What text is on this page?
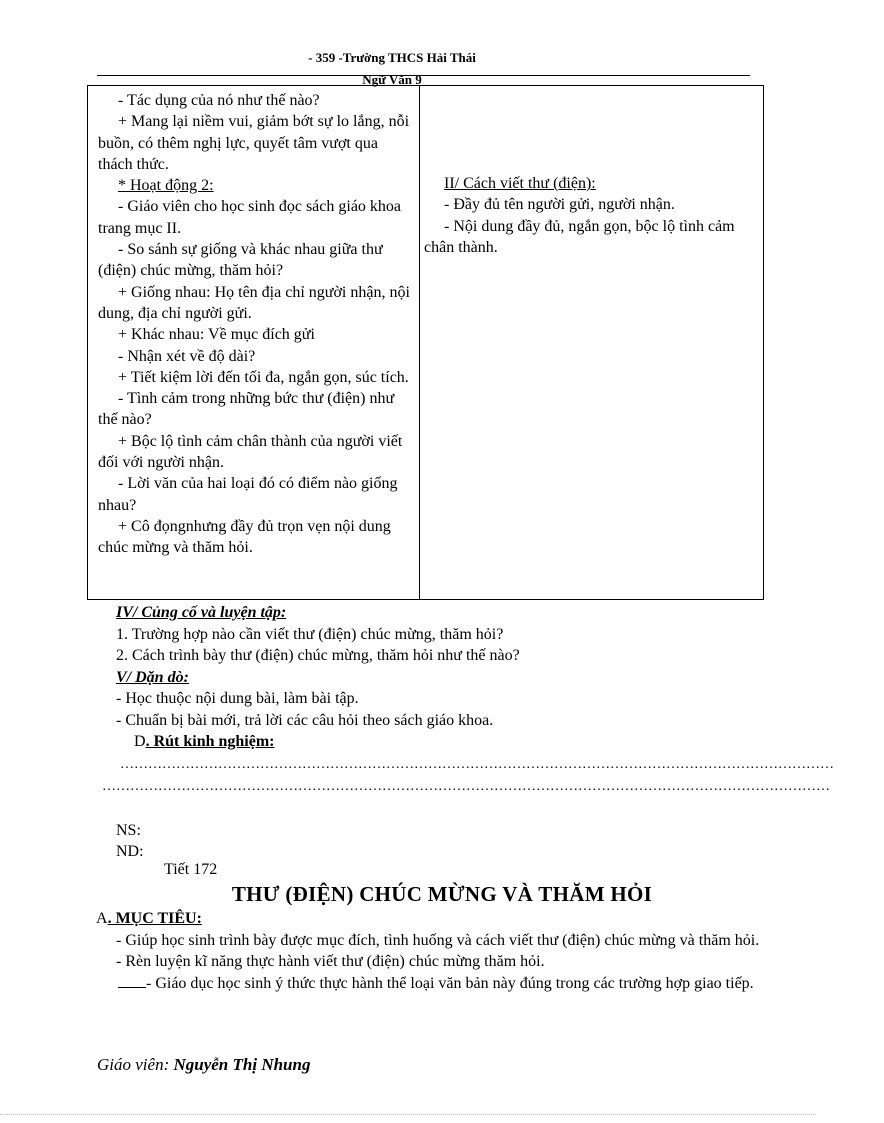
- 359 -Trường THCS Hải Thái
Ngữ Văn 9

- Tác dụng của nó như thế nào?

+ Mang lại niềm vui, giảm bớt sự lo lắng, nỗi buồn, có thêm nghị lực, quyết tâm vượt qua thách thức.

* Hoạt động 2:

- Giáo viên cho học sinh đọc sách giáo khoa trang mục II.

- So sánh sự giống và khác nhau giữa thư (điện) chúc mừng, thăm hỏi?

+ Giống nhau: Họ tên địa chỉ người nhận, nội dung, địa chỉ người gửi.

+ Khác nhau: Về mục đích gửi

- Nhận xét về độ dài?

+ Tiết kiệm lời đến tối đa, ngắn gọn, súc tích.

- Tình cảm trong những bức thư (điện) như thế nào?

+ Bộc lộ tình cảm chân thành của người viết đối với người nhận.

- Lời văn của hai loại đó có điểm nào giống nhau?

+ Cô đọngnhưng đầy đủ trọn vẹn nội dung chúc mừng và thăm hỏi.

II/ Cách viết thư (điện):

- Đầy đủ tên người gửi, người nhận.

- Nội dung đầy đủ, ngắn gọn, bộc lộ tình cảm chân thành.

IV/ Củng cố và luyện tập:

1. Trường hợp nào cần viết thư (điện) chúc mừng, thăm hỏi?

2. Cách trình bày thư (điện) chúc mừng, thăm hỏi như thế nào?

V/ Dặn dò:

- Học thuộc nội dung bài, làm bài tập.

- Chuẩn bị bài mới, trả lời các câu hỏi theo sách giáo khoa.

D. Rút kinh nghiệm:

………………………………………………………………………………………………………………………………………
…………………………………………………………………………………………………………………………………………
NS:
ND:
Tiết 172
THƯ (ĐIỆN) CHÚC MỪNG VÀ THĂM HỎI

A. MỤC TIÊU:

- Giúp học sinh trình bày được mục đích, tình huống và cách viết thư (điện) chúc mừng và thăm hỏi.

- Rèn luyện kĩ năng thực hành viết thư (điện) chúc mừng thăm hỏi.

- Giáo dục học sinh ý thức thực hành thể loại văn bản này đúng trong các trường hợp giao tiếp.

Giáo viên: Nguyễn Thị Nhung
